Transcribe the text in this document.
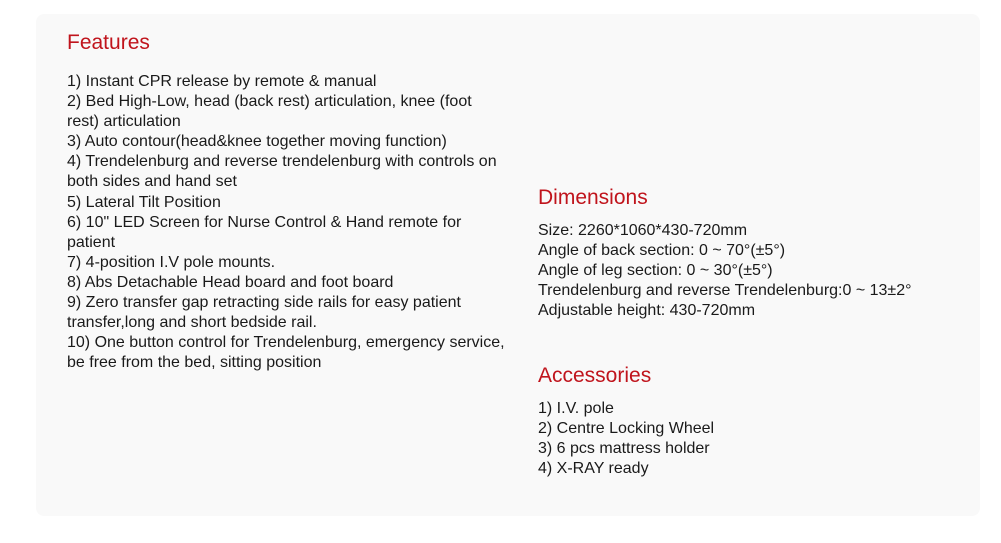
Features
1) Instant CPR release by remote & manual
2) Bed High-Low, head (back rest) articulation, knee (foot rest) articulation
3) Auto contour(head&knee together moving function)
4) Trendelenburg and reverse trendelenburg with controls on both sides and hand set
5) Lateral Tilt Position
6) 10" LED Screen for Nurse Control & Hand remote for patient
7) 4-position I.V pole mounts.
8) Abs Detachable Head board and foot board
9) Zero transfer gap retracting side rails for easy patient transfer,long and short bedside rail.
10) One button control for Trendelenburg, emergency service, be free from the bed, sitting position
Dimensions
Size: 2260*1060*430-720mm
Angle of back section: 0 ~ 70°(±5°)
Angle of leg section: 0 ~ 30°(±5°)
Trendelenburg and reverse Trendelenburg:0 ~ 13±2°
Adjustable height: 430-720mm
Accessories
1) I.V. pole
2) Centre Locking Wheel
3) 6 pcs mattress holder
4) X-RAY ready
